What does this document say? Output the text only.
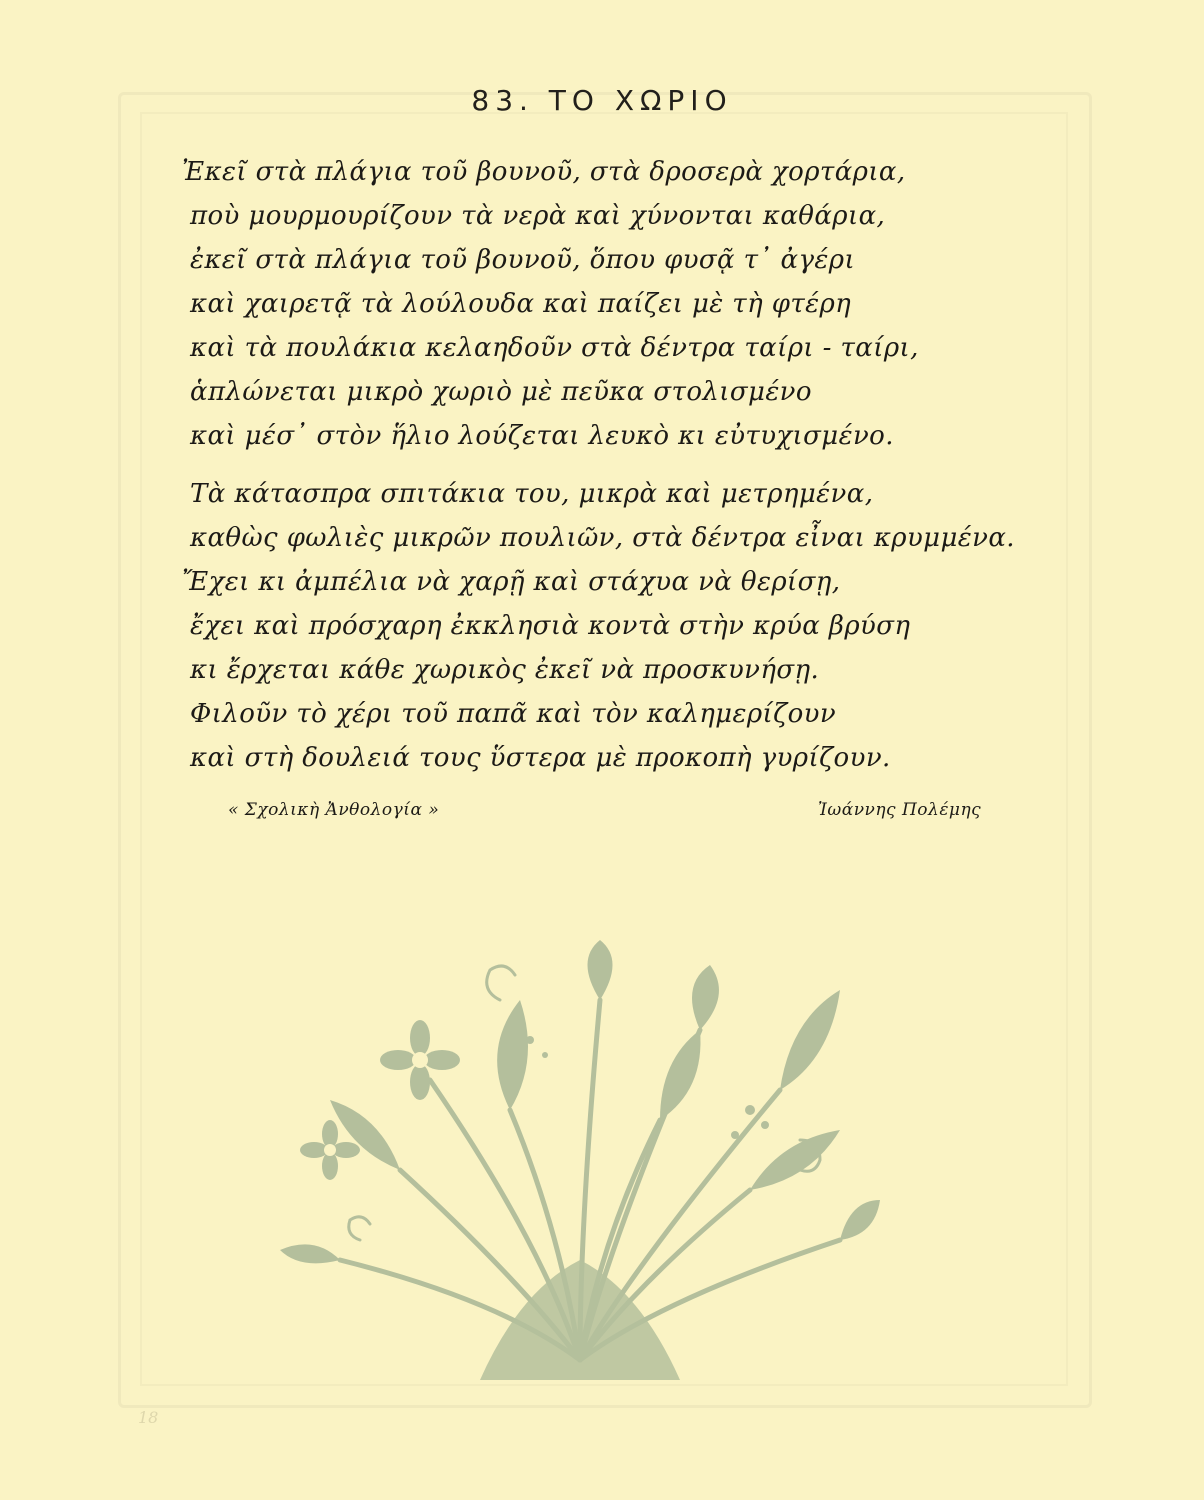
83. ΤΟ ΧΩΡΙΟ
Ἐκεῖ στὰ πλάγια τοῦ βουνοῦ, στὰ δροσερὰ χορτάρια,
ποὺ μουρμουρίζουν τὰ νερὰ καὶ χύνονται καθάρια,
ἐκεῖ στὰ πλάγια τοῦ βουνοῦ, ὅπου φυσᾷ τ᾽ ἀγέρι
καὶ χαιρετᾷ τὰ λούλουδα καὶ παίζει μὲ τὴ φτέρη
καὶ τὰ πουλάκια κελαηδοῦν στὰ δέντρα ταίρι - ταίρι,
ἁπλώνεται μικρὸ χωριὸ μὲ πεῦκα στολισμένο
καὶ μέσ᾽ στὸν ἥλιο λούζεται λευκὸ κι εὐτυχισμένο.
Τὰ κάτασπρα σπιτάκια του, μικρὰ καὶ μετρημένα,
καθὼς φωλιὲς μικρῶν πουλιῶν, στὰ δέντρα εἶναι κρυμμένα.
Ἔχει κι ἀμπέλια νὰ χαρῇ καὶ στάχυα νὰ θερίσῃ,
ἔχει καὶ πρόσχαρη ἐκκλησιὰ κοντὰ στὴν κρύα βρύση
κι ἔρχεται κάθε χωρικὸς ἐκεῖ νὰ προσκυνήσῃ.
Φιλοῦν τὸ χέρι τοῦ παπᾶ καὶ τὸν καλημερίζουν
καὶ στὴ δουλειά τους ὕστερα μὲ προκοπὴ γυρίζουν.
« Σχολικὴ Ἀνθολογία »	Ἰωάννης Πολέμης
18
